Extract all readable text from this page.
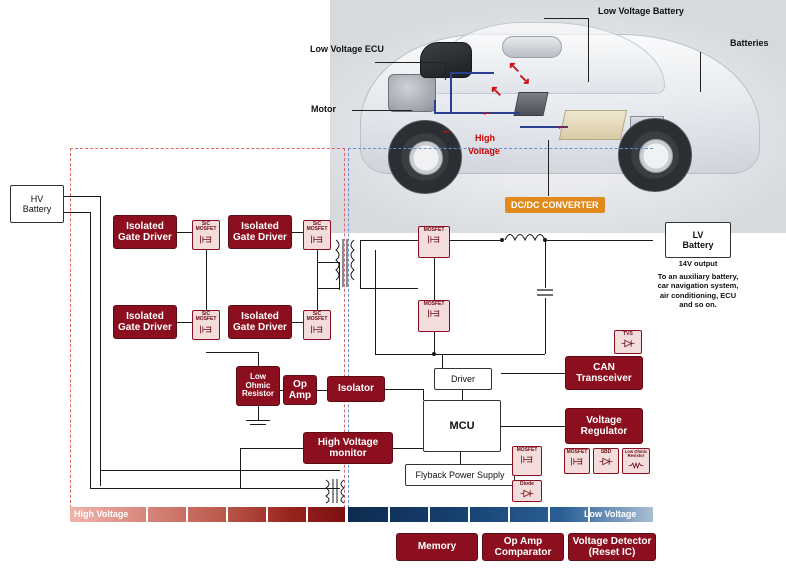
↖
↖
←
←	←
↘
Low Voltage Battery
Batteries
Low Voltage ECU
Motor
High
Voltage
DC/DC CONVERTER
HV
Battery
Isolated
Gate Driver
Isolated
Gate Driver
Isolated
Gate Driver
Isolated
Gate Driver
SiC MOSFET
SiC MOSFET
SiC MOSFET
SiC MOSFET
Low
Ohmic
Resistor
Op
Amp
Isolator
High Voltage
monitor
MOSFET
MOSFET
Driver
MCU
Flyback Power Supply
MOSFET
Diode
CAN
Transceiver
TVS
Voltage
Regulator
MOSFET	SBD	Low Ohmic Resistor
LV
Battery
14V output
To an auxiliary battery, car navigation system, air conditioning, ECU and so on.
High Voltage	Low Voltage
Memory
Op Amp
Comparator
Voltage Detector
(Reset IC)
